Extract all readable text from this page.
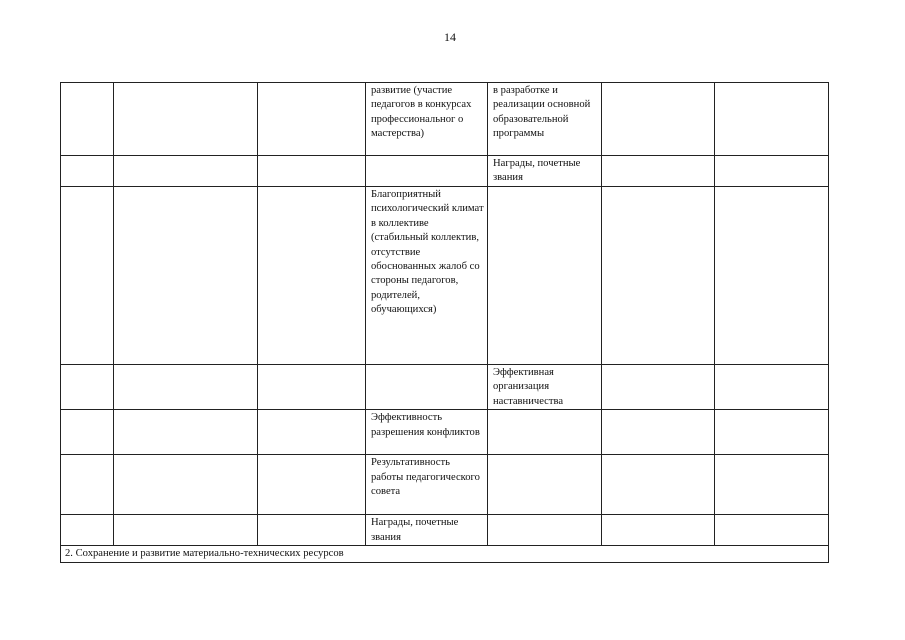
14
			развитие (участие педагогов в конкурсах профессиональног о мастерства)	в разработке и реализации основной образовательной программы		
				Награды, почетные звания		
			Благоприятный психологический климат в коллективе (стабильный коллектив, отсутствие обоснованных жалоб со стороны педагогов, родителей, обучающихся)			
				Эффективная организация наставничества		
			Эффективность разрешения конфликтов			
			Результативность работы педагогического совета			
			Награды, почетные звания			
2. Сохранение и развитие материально-технических ресурсов						
